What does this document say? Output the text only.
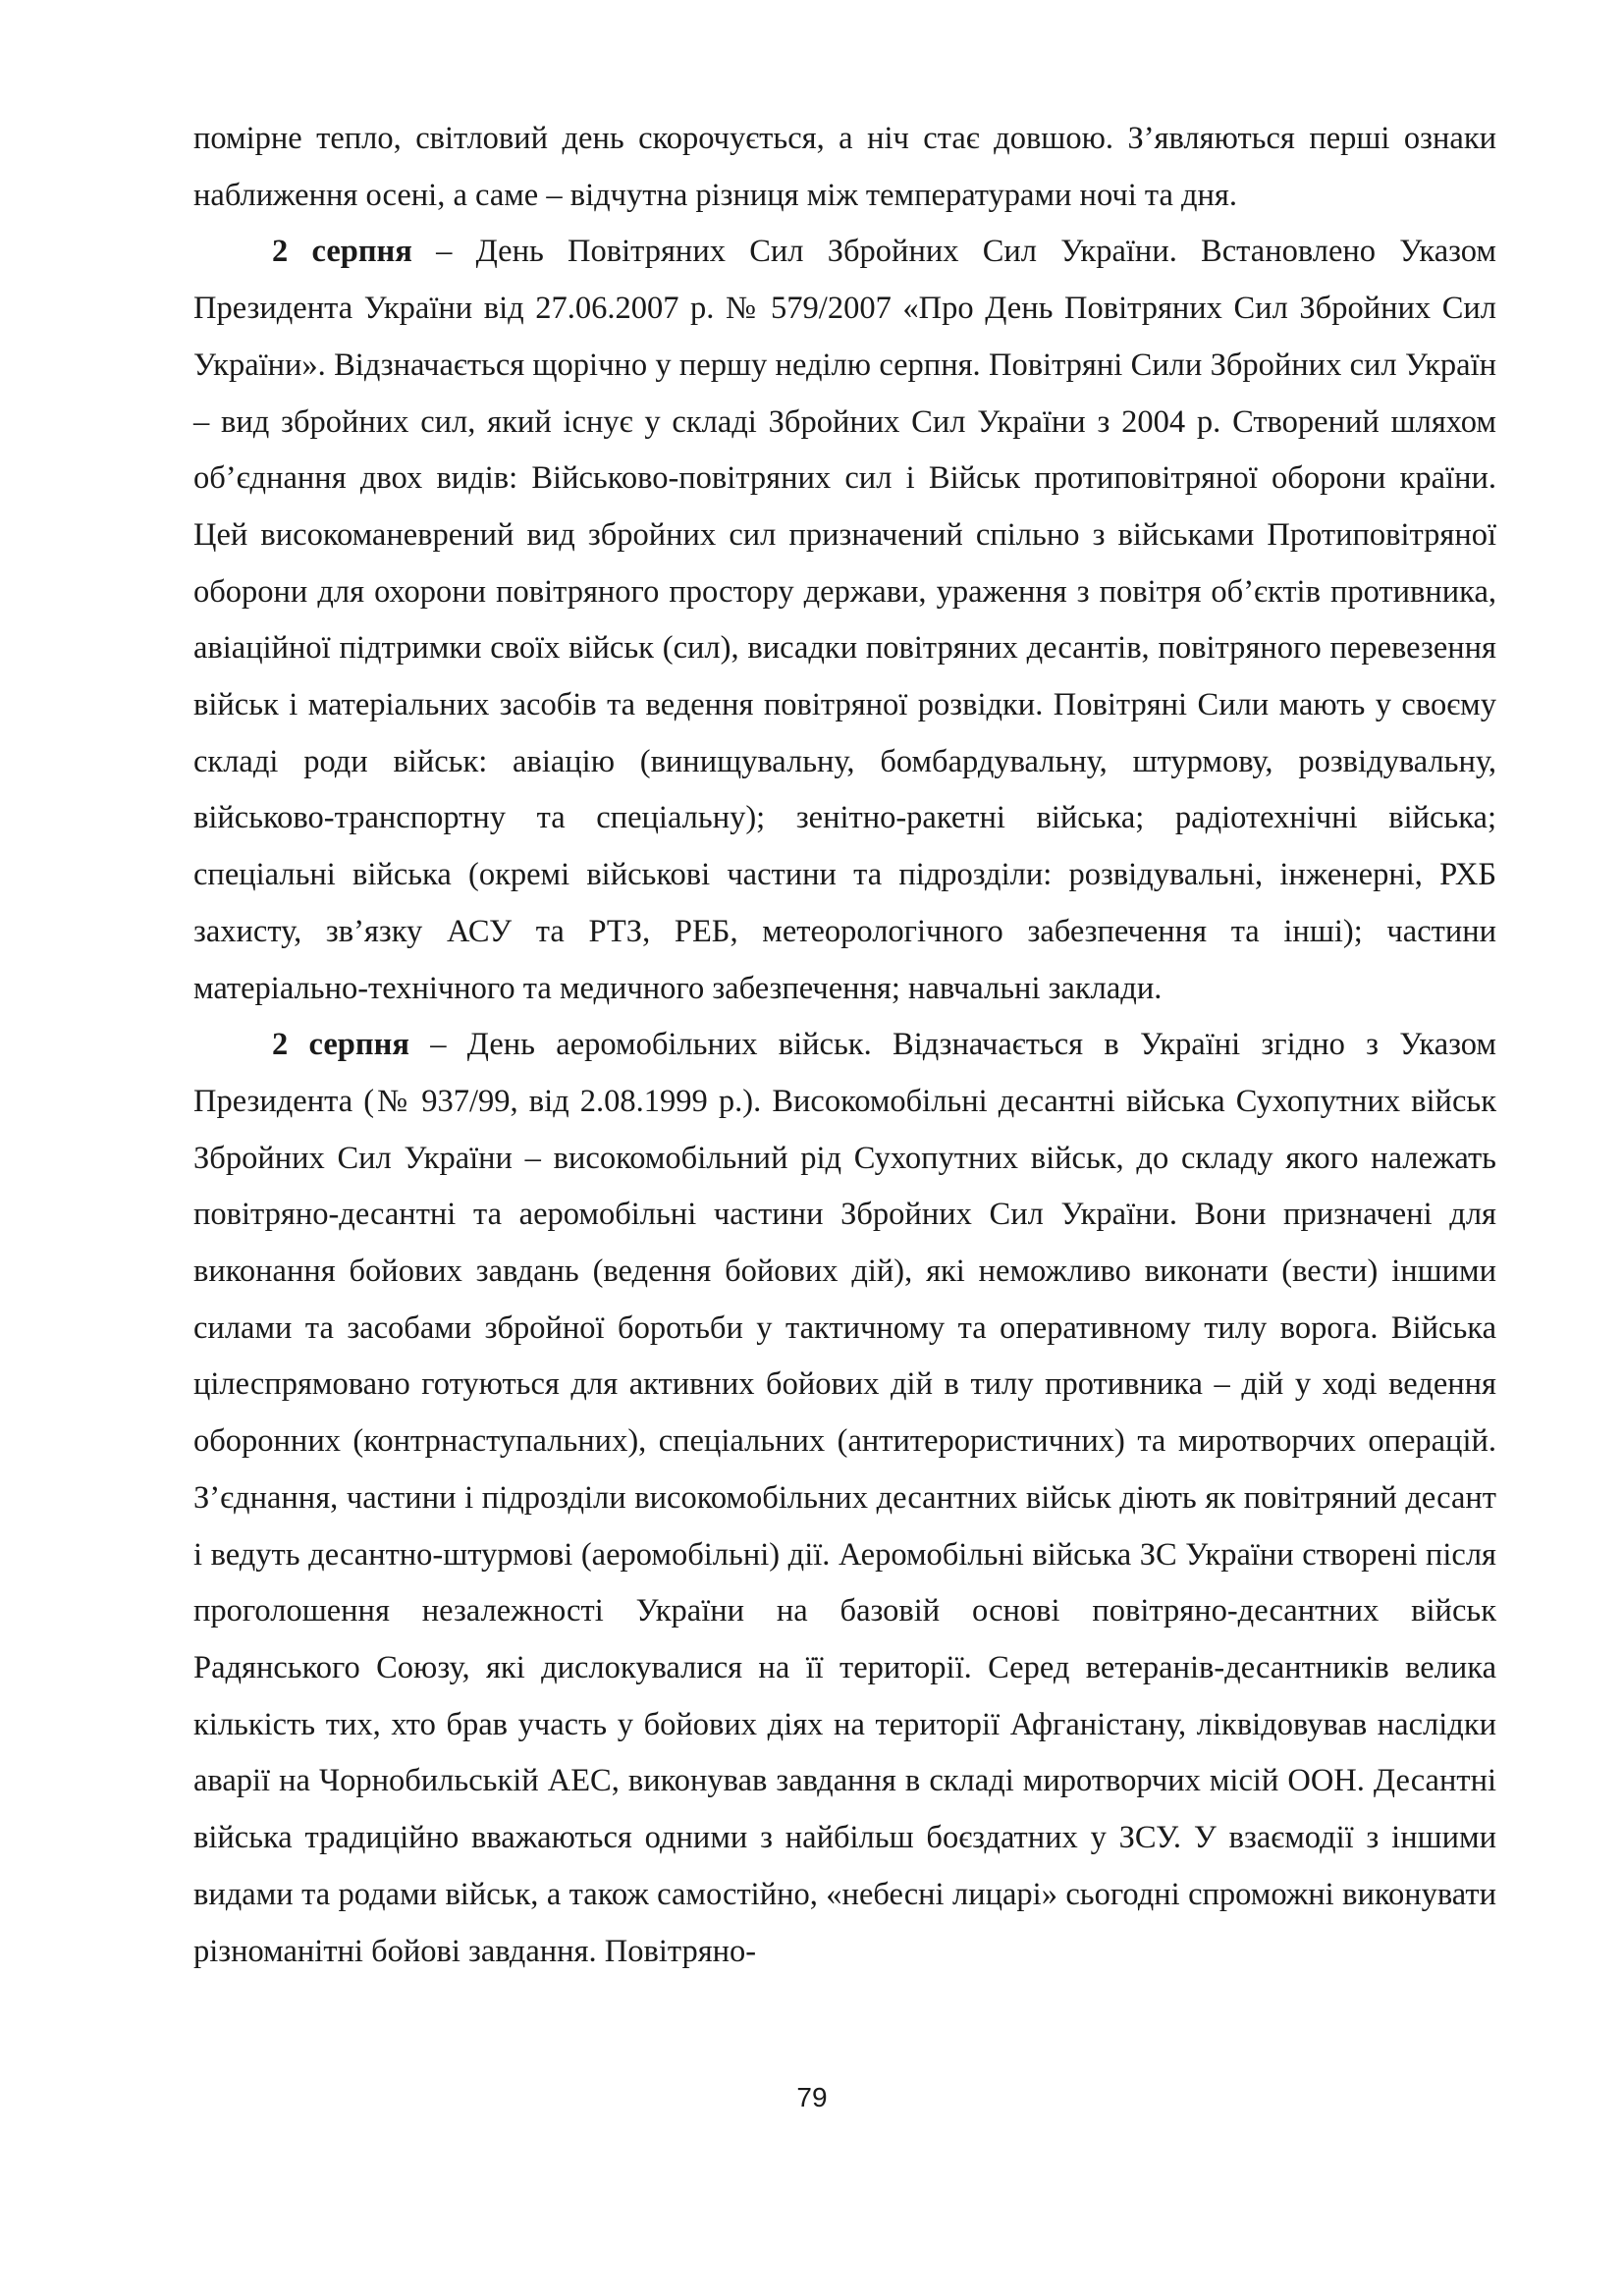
помірне тепло, світловий день скорочується, а ніч стає довшою. З’являються перші ознаки наближення осені, а саме – відчутна різниця між температурами ночі та дня.

2 серпня – День Повітряних Сил Збройних Сил України. Встановлено Указом Президента України від 27.06.2007 р. № 579/2007 «Про День Повітряних Сил Збройних Сил України». Відзначається щорічно у першу неділю серпня. Повітряні Сили Збройних сил Україн – вид збройних сил, який існує у складі Збройних Сил України з 2004 р. Створений шляхом об’єднання двох видів: Військово-повітряних сил і Військ протиповітряної оборони країни. Цей високоманеврений вид збройних сил призначений спільно з військами Протиповітряної оборони для охорони повітряного простору держави, ураження з повітря об’єктів противника, авіаційної підтримки своїх військ (сил), висадки повітряних десантів, повітряного перевезення військ і матеріальних засобів та ведення повітряної розвідки. Повітряні Сили мають у своєму складі роди військ: авіацію (винищувальну, бомбардувальну, штурмову, розвідувальну, військово-транспортну та спеціальну); зенітно-ракетні війська; радіотехнічні війська; спеціальні війська (окремі військові частини та підрозділи: розвідувальні, інженерні, РХБ захисту, зв’язку АСУ та РТЗ, РЕБ, метеорологічного забезпечення та інші); частини матеріально-технічного та медичного забезпечення; навчальні заклади.

2 серпня – День аеромобільних військ. Відзначається в Україні згідно з Указом Президента (№ 937/99, від 2.08.1999 р.). Високомобільні десантні війська Сухопутних військ Збройних Сил України – високомобільний рід Сухопутних військ, до складу якого належать повітряно-десантні та аеромобільні частини Збройних Сил України. Вони призначені для виконання бойових завдань (ведення бойових дій), які неможливо виконати (вести) іншими силами та засобами збройної боротьби у тактичному та оперативному тилу ворога. Війська цілеспрямовано готуються для активних бойових дій в тилу противника – дій у ході ведення оборонних (контрнаступальних), спеціальних (антитерористичних) та миротворчих операцій. З’єднання, частини і підрозділи високомобільних десантних військ діють як повітряний десант і ведуть десантно-штурмові (аеромобільні) дії. Аеромобільні війська ЗС України створені після проголошення незалежності України на базовій основі повітряно-десантних військ Радянського Союзу, які дислокувалися на її території. Серед ветеранів-десантників велика кількість тих, хто брав участь у бойових діях на території Афганістану, ліквідовував наслідки аварії на Чорнобильській АЕС, виконував завдання в складі миротворчих місій ООН. Десантні війська традиційно вважаються одними з найбільш боєздатних у ЗСУ. У взаємодії з іншими видами та родами військ, а також самостійно, «небесні лицарі» сьогодні спроможні виконувати різноманітні бойові завдання. Повітряно-

79
